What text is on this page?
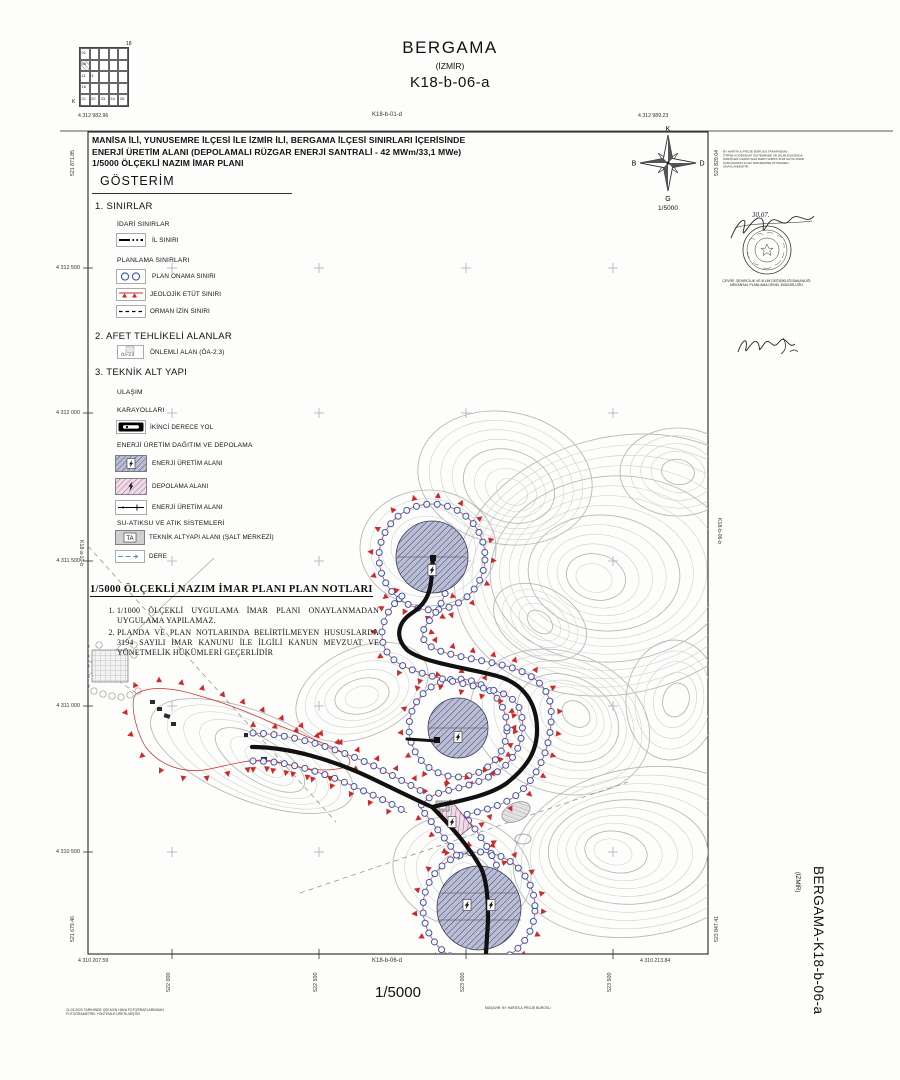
K
D
G
B
30.07.
01
06
11	3
16
21	22	23	24	25
18
K
BERGAMA
(İZMİR)
K18-b-06-a
4 312 982.96	K18-b-01-d	4 312 989.23
4 310 207.59	K18-b-06-d	4 310 213.84
521 871.85
521 679.46
523 829.04
523 847.41
K18-a-10-b
K18-b-06-b
4 312 500
4 312 000
4 311 500
4 311 000
4 310 500
522 000	522 500	523 000	523 500
MANİSA İLİ, YUNUSEMRE İLÇESİ İLE İZMİR İLİ, BERGAMA İLÇESİ SINIRLARI İÇERİSİNDE
ENERJİ ÜRETİM ALANI (DEPOLAMALI RÜZGAR ENERJİ SANTRALİ - 42 MWm/33,1 MWe)
1/5000 ÖLÇEKLİ NAZIM İMAR PLANI
GÖSTERİM
1. SINIRLAR
İDARİ SINIRLAR
İL SINIRI
PLANLAMA SINIRLARI
PLAN ONAMA SINIRI
JEOLOJİK ETÜT SINIRI
ORMAN İZİN SINIRI
2. AFET TEHLİKELİ ALANLAR
ÖA-2.3 ÖNLEMLİ ALAN (ÖA-2.3)
3. TEKNİK ALT YAPI
ULAŞIM
KARAYOLLARI
İKİNCİ DERECE YOL
ENERJİ ÜRETİM DAĞITIM VE DEPOLAMA
ENERJİ ÜRETİM ALANI
DEPOLAMA ALANI
ENERJİ ÜRETİM ALANI
SU-ATIKSU VE ATIK SİSTEMLERİ
TA TEKNİK ALTYAPI ALANI (ŞALT MERKEZİ)
DERE
1/5000 ÖLÇEKLİ NAZIM İMAR PLANI PLAN NOTLARI
1. 1/1000 ÖLÇEKLİ UYGULAMA İMAR PLANI ONAYLANMADAN UYGULAMA YAPILAMAZ.
2. PLANDA VE PLAN NOTLARINDA BELİRTİLMEYEN HUSUSLARDA 3194 SAYILI İMAR KANUNU İLE İLGİLİ KANUN MEVZUAT VE YÖNETMELİK HÜKÜMLERİ GEÇERLİDİR
1/5000
BY HARİTA & PROJE BÜROSU TARAFINDAN
ITRF96 KOORDİNAT SİSTEMİNDE VE DİLİM ESASINDA
ÜRETİLEN 1/1000 HALİHAZIR HARİTA 3194 SAYILI İMAR
KANUNUNUN İLGİLİ MADDESİNE İSTİNADEN
ONAYLANMIŞTIR.
ÇEVRE, ŞEHİRCİLİK VE İKLİM DEĞİŞİKLİĞİ BAKANLIĞI
MEKANSAL PLANLAMA GENEL MÜDÜRLÜĞÜ
BERGAMA-K18-b-06-a
(İZMİR)
1/5000
11.03.2020 TARİHİNDE ÇEKİLEN HAVA FOTOĞRAFLARINDAN
FOTOGRAMETRİK YÖNTEMLE ÜRETİLMİŞTİR.
MÜŞAVİR: BY HARİTA & PROJE BÜROSU
